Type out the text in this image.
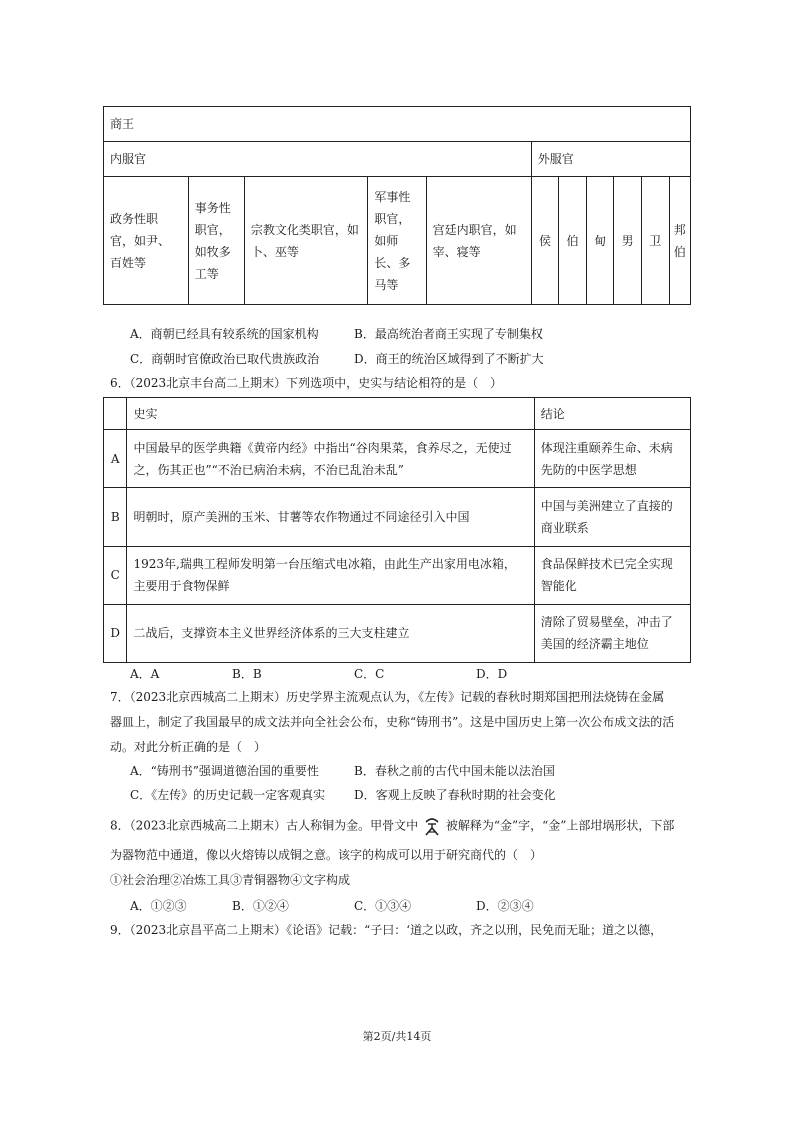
商王										
内服官					外服官					
政务性职官，如尹、百姓等	事务性职官，如牧多工等	宗教文化类职官，如卜、巫等	军事性职官，如师长、多马等	宫廷内职官，如宰、寝等	侯	伯	甸	男	卫	邦伯
A．商朝已经具有较系统的国家机构	B．最高统治者商王实现了专制集权
C．商朝时官僚政治已取代贵族政治	D．商王的统治区域得到了不断扩大
6．（2023北京丰台高二上期末）下列选项中，史实与结论相符的是（　）
	史实	结论
A	中国最早的医学典籍《黄帝内经》中指出“谷肉果菜，食养尽之，无使过之，伤其正也”“不治已病治未病，不治已乱治未乱”	体现注重颐养生命、未病先防的中医学思想
B	明朝时，原产美洲的玉米、甘薯等农作物通过不同途径引入中国	中国与美洲建立了直接的商业联系
C	1923年,瑞典工程师发明第一台压缩式电冰箱，由此生产出家用电冰箱，主要用于食物保鲜	食品保鲜技术已完全实现智能化
D	二战后，支撑资本主义世界经济体系的三大支柱建立	清除了贸易壁垒，冲击了美国的经济霸主地位
A．A	B．B	C．C	D．D
7．（2023北京西城高二上期末）历史学界主流观点认为，《左传》记载的春秋时期郑国把刑法烧铸在金属
器皿上，制定了我国最早的成文法并向全社会公布，史称“铸刑书”。这是中国历史上第一次公布成文法的活
动。对此分析正确的是（　）
A．“铸刑书”强调道德治国的重要性	B．春秋之前的古代中国未能以法治国
C．《左传》的历史记载一定客观真实 D．客观上反映了春秋时期的社会变化
8．（2023北京西城高二上期末）古人称铜为金。甲骨文中 被解释为“金”字，“金”上部坩埚形状，下部
为器物范中通道，像以火熔铸以成铜之意。该字的构成可以用于研究商代的（　）
①社会治理②冶炼工具③青铜器物④文字构成
A．①②③	B．①②④	C．①③④	D．②③④
9．（2023北京昌平高二上期末）《论语》记载：“子曰：‘道之以政，齐之以刑，民免而无耻；道之以德，
第2页/共14页
